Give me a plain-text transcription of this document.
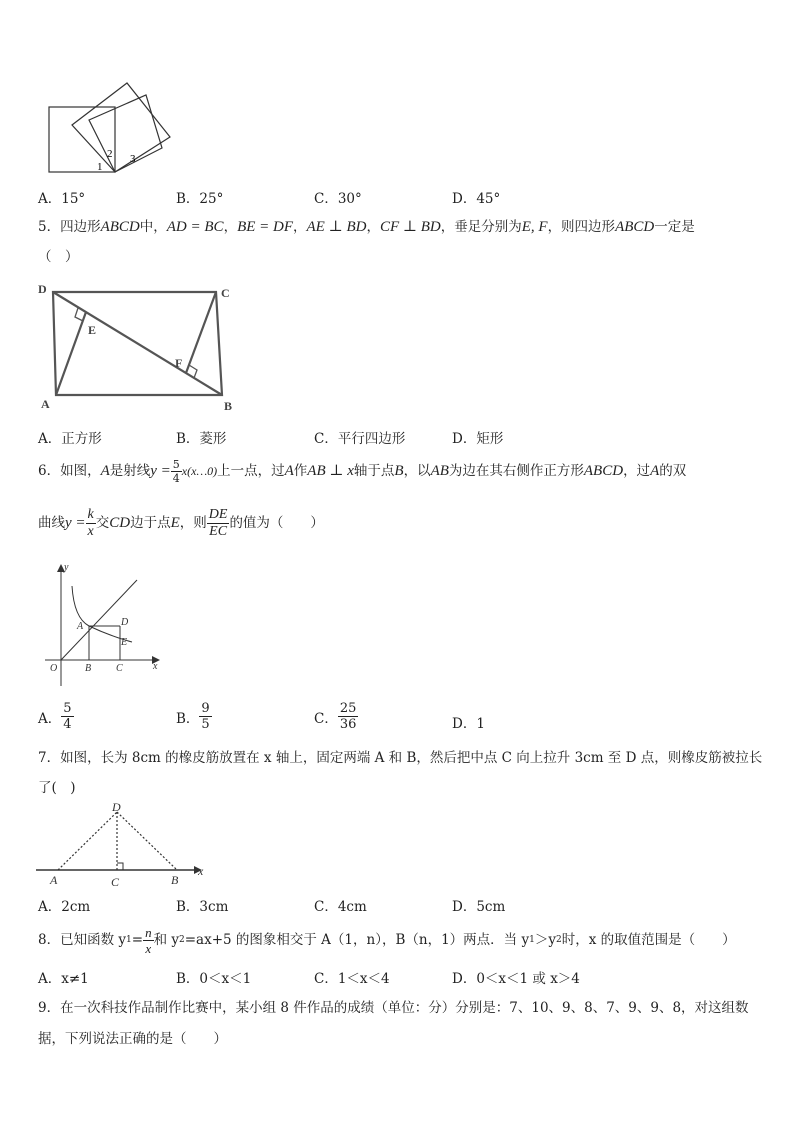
1
2 3
A．15°	B．25°	C．30°	D．45°
5．四边形ABCD中，AD = BC，BE = DF，AE ⊥ BD，CF ⊥ BD，垂足分别为E, F，则四边形ABCD一定是
（　）
D	C
E
F
A	B
A．正方形	B．菱形	C．平行四边形	D．矩形
6．如图， A 是射线 $y = \frac{5}{4}$ x(x…0) 上一点，过 A 作 AB ⊥ x 轴于点 B ，以 AB 为边在其右侧作正方形 ABCD ，过 A 的双
曲线 $y = \frac{k}{x}$ 交 CD 边于点 E ，则 $\frac{DE}{EC}$ 的值为（　　）
y
x
O
A
B C
D
E
A． $\frac{5}{4}$	B． $\frac{9}{5}$	C． $\frac{25}{36}$	D．1
7．如图，长为 8cm 的橡皮筋放置在 x 轴上，固定两端 A 和 B，然后把中点 C 向上拉升 3cm 至 D 点，则橡皮筋被拉长
了(　)
D
A	C	B
x
A．2cm	B．3cm	C．4cm	D．5cm
8．已知函数 y $1 = \frac{n}{x}$ 和 y 2 =ax+5 的图象相交于 A（1，n），B（n，1）两点．当 y 1 ＞y 2 时，x 的取值范围是（　　）
A．x≠1	B．0＜x＜1	C．1＜x＜4	D．0＜x＜1 或 x＞4
9．在一次科技作品制作比赛中，某小组 8 件作品的成绩（单位：分）分别是：7、10、9、8、7、9、9、8，对这组数
据，下列说法正确的是（　　）
